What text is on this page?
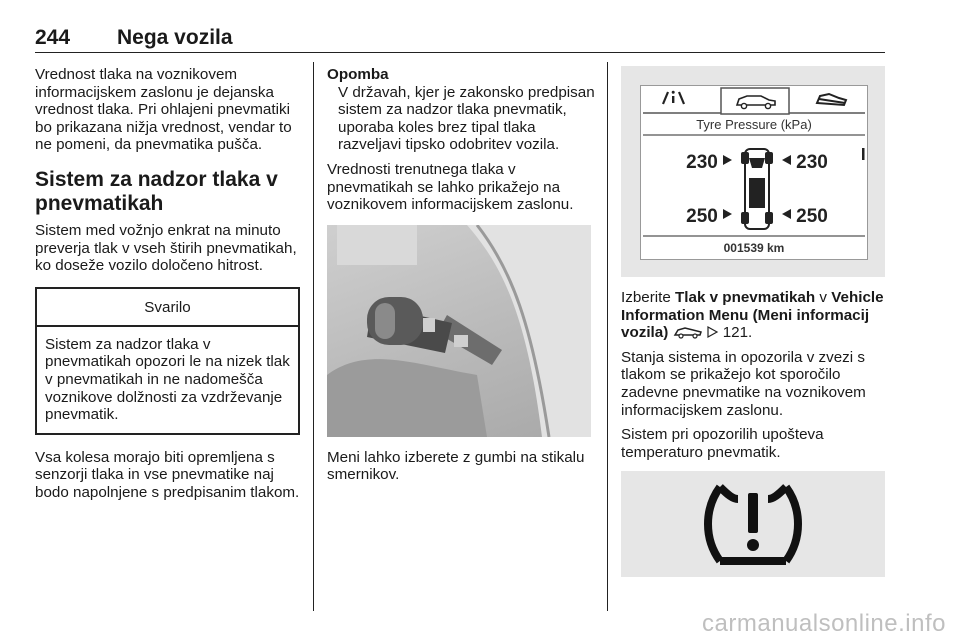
244 Nega vozila

Vrednost tlaka na voznikovem informacijskem zaslonu je dejanska vrednost tlaka. Pri ohlajeni pnevmatiki bo prikazana nižja vrednost, vendar to ne pomeni, da pnevmatika pušča.

Sistem za nadzor tlaka v pnevmatikah

Sistem med vožnjo enkrat na minuto preverja tlak v vseh štirih pnevmatikah, ko doseže vozilo določeno hitrost.

Svarilo

Sistem za nadzor tlaka v pnevmatikah opozori le na nizek tlak v pnevmatikah in ne nadomešča voznikove dolžnosti za vzdrževanje pnevmatik.

Vsa kolesa morajo biti opremljena s senzorji tlaka in vse pnevmatike naj bodo napolnjene s predpisanim tlakom.

Opomba

V državah, kjer je zakonsko predpisan sistem za nadzor tlaka pnevmatik, uporaba koles brez tipal tlaka razveljavi tipsko odobritev vozila.

Vrednosti trenutnega tlaka v pnevmatikah se lahko prikažejo na voznikovem informacijskem zaslonu.

Meni lahko izberete z gumbi na stikalu smernikov.

Tyre Pressure (kPa)
230	230
250	250
001539 km

Izberite Tlak v pnevmatikah v Vehicle Information Menu (Meni informacij vozila)	121.

Stanja sistema in opozorila v zvezi s tlakom se prikažejo kot sporočilo zadevne pnevmatike na voznikovem informacijskem zaslonu.

Sistem pri opozorilih upošteva temperaturo pnevmatik.

carmanualsonline.info
